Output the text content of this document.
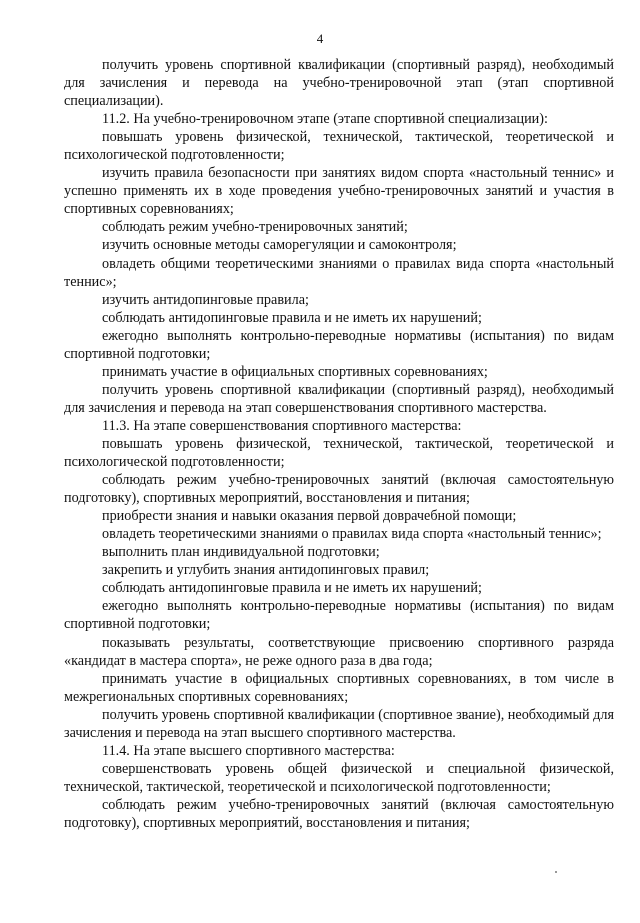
4

получить уровень спортивной квалификации (спортивный разряд), необходимый для зачисления и перевода на учебно-тренировочной этап (этап спортивной специализации).

11.2. На учебно-тренировочном этапе (этапе спортивной специализации):

повышать уровень физической, технической, тактической, теоретической и психологической подготовленности;

изучить правила безопасности при занятиях видом спорта «настольный теннис» и успешно применять их в ходе проведения учебно-тренировочных занятий и участия в спортивных соревнованиях;

соблюдать режим учебно-тренировочных занятий;

изучить основные методы саморегуляции и самоконтроля;

овладеть общими теоретическими знаниями о правилах вида спорта «настольный теннис»;

изучить антидопинговые правила;

соблюдать антидопинговые правила и не иметь их нарушений;

ежегодно выполнять контрольно-переводные нормативы (испытания) по видам спортивной подготовки;

принимать участие в официальных спортивных соревнованиях;

получить уровень спортивной квалификации (спортивный разряд), необходимый для зачисления и перевода на этап совершенствования спортивного мастерства.

11.3. На этапе совершенствования спортивного мастерства:

повышать уровень физической, технической, тактической, теоретической и психологической подготовленности;

соблюдать режим учебно-тренировочных занятий (включая самостоятельную подготовку), спортивных мероприятий, восстановления и питания;

приобрести знания и навыки оказания первой доврачебной помощи;

овладеть теоретическими знаниями о правилах вида спорта «настольный теннис»;

выполнить план индивидуальной подготовки;

закрепить и углубить знания антидопинговых правил;

соблюдать антидопинговые правила и не иметь их нарушений;

ежегодно выполнять контрольно-переводные нормативы (испытания) по видам спортивной подготовки;

показывать результаты, соответствующие присвоению спортивного разряда «кандидат в мастера спорта», не реже одного раза в два года;

принимать участие в официальных спортивных соревнованиях, в том числе в межрегиональных спортивных соревнованиях;

получить уровень спортивной квалификации (спортивное звание), необходимый для зачисления и перевода на этап высшего спортивного мастерства.

11.4. На этапе высшего спортивного мастерства:

совершенствовать уровень общей физической и специальной физической, технической, тактической, теоретической и психологической подготовленности;

соблюдать режим учебно-тренировочных занятий (включая самостоятельную подготовку), спортивных мероприятий, восстановления и питания;
